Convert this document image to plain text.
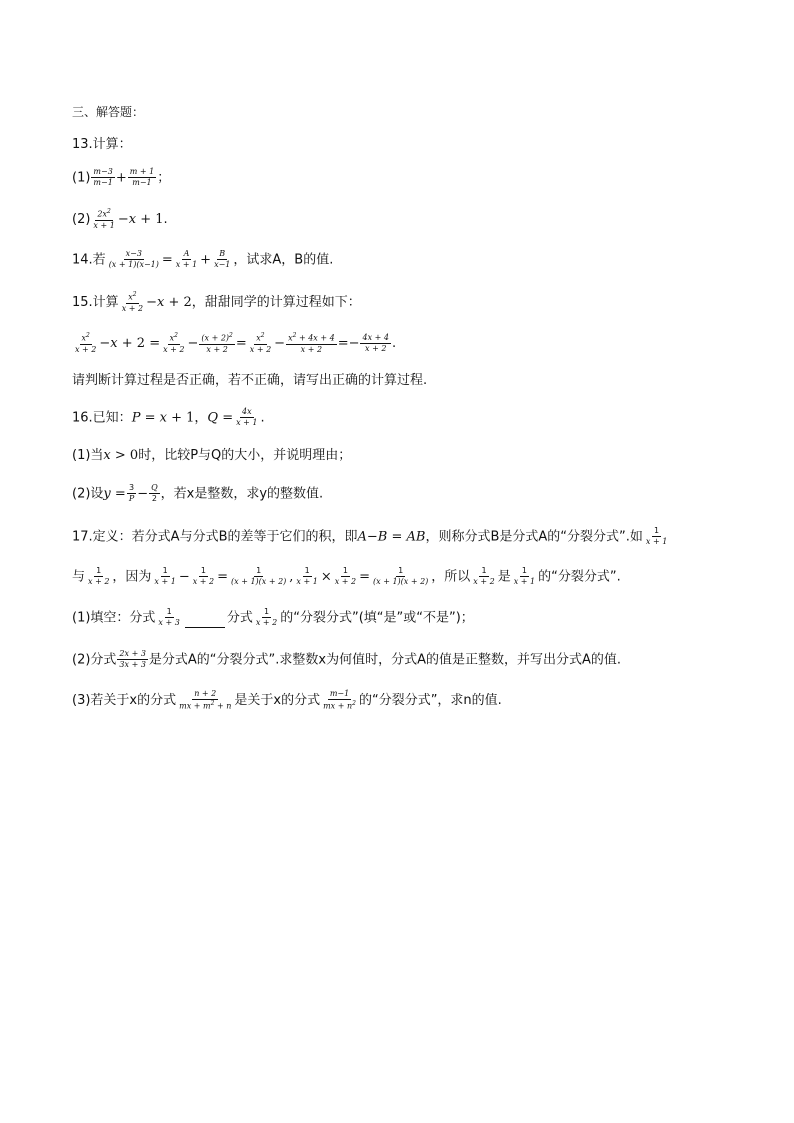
三、解答题：
13.计算：
$(1) \frac{m-3}{m-1} + \frac{m + 1}{m-1}$ ；
$(2) \frac{2x^2}{x + 1} -x + 1$.
14.若 $\frac{x-3}{(x + 1)(x-1)} = \frac{A}{x + 1} + \frac{B}{x-1}$ ，试求A，B的值.
15.计算 $\frac{x^2}{x + 2} -x + 2$，甜甜同学的计算过程如下：
$\frac{x^2}{x + 2} -x + 2 = \frac{x^2}{x + 2} - \frac{(x + 2)^2}{x + 2} = \frac{x^2}{x + 2} - \frac{x^2 + 4x + 4}{x + 2} =- \frac{4x + 4}{x + 2}$ .
请判断计算过程是否正确，若不正确，请写出正确的计算过程.
16.已知：P = x + 1，$Q = \frac{4x}{x + 1}$ .
(1)当x > 0时，比较P与Q的大小，并说明理由；
(2)设$y = \frac{3}{P} - \frac{Q}{2}$ ，若x是整数，求y的整数值.
17.定义：若分式A与分式B的差等于它们的积，即A−B = AB，则称分式B是分式A的“分裂分式”.如 $\frac{1}{x + 1}$
与 $\frac{1}{x + 2}$ ，因为 $\frac{1}{x + 1} - \frac{1}{x + 2} = \frac{1}{(x + 1)(x + 2)}$ , $\frac{1}{x + 1} \times \frac{1}{x + 2} = \frac{1}{(x + 1)(x + 2)}$ ，所以 $\frac{1}{x + 2}$ 是 $\frac{1}{x + 1}$ 的“分裂分式”.
(1)填空：分式 $\frac{1}{x + 3}$	分式 $\frac{1}{x + 2}$ 的“分裂分式”(填“是”或“不是”)；
(2)分式 $\frac{2x + 3}{3x + 3}$ 是分式A的“分裂分式”.求整数x为何值时，分式A的值是正整数，并写出分式A的值.
(3)若关于x的分式 $\frac{n + 2}{mx + m^2 + n}$ 是关于x的分式 $\frac{m-1}{mx + n^2}$ 的“分裂分式”，求n的值.
